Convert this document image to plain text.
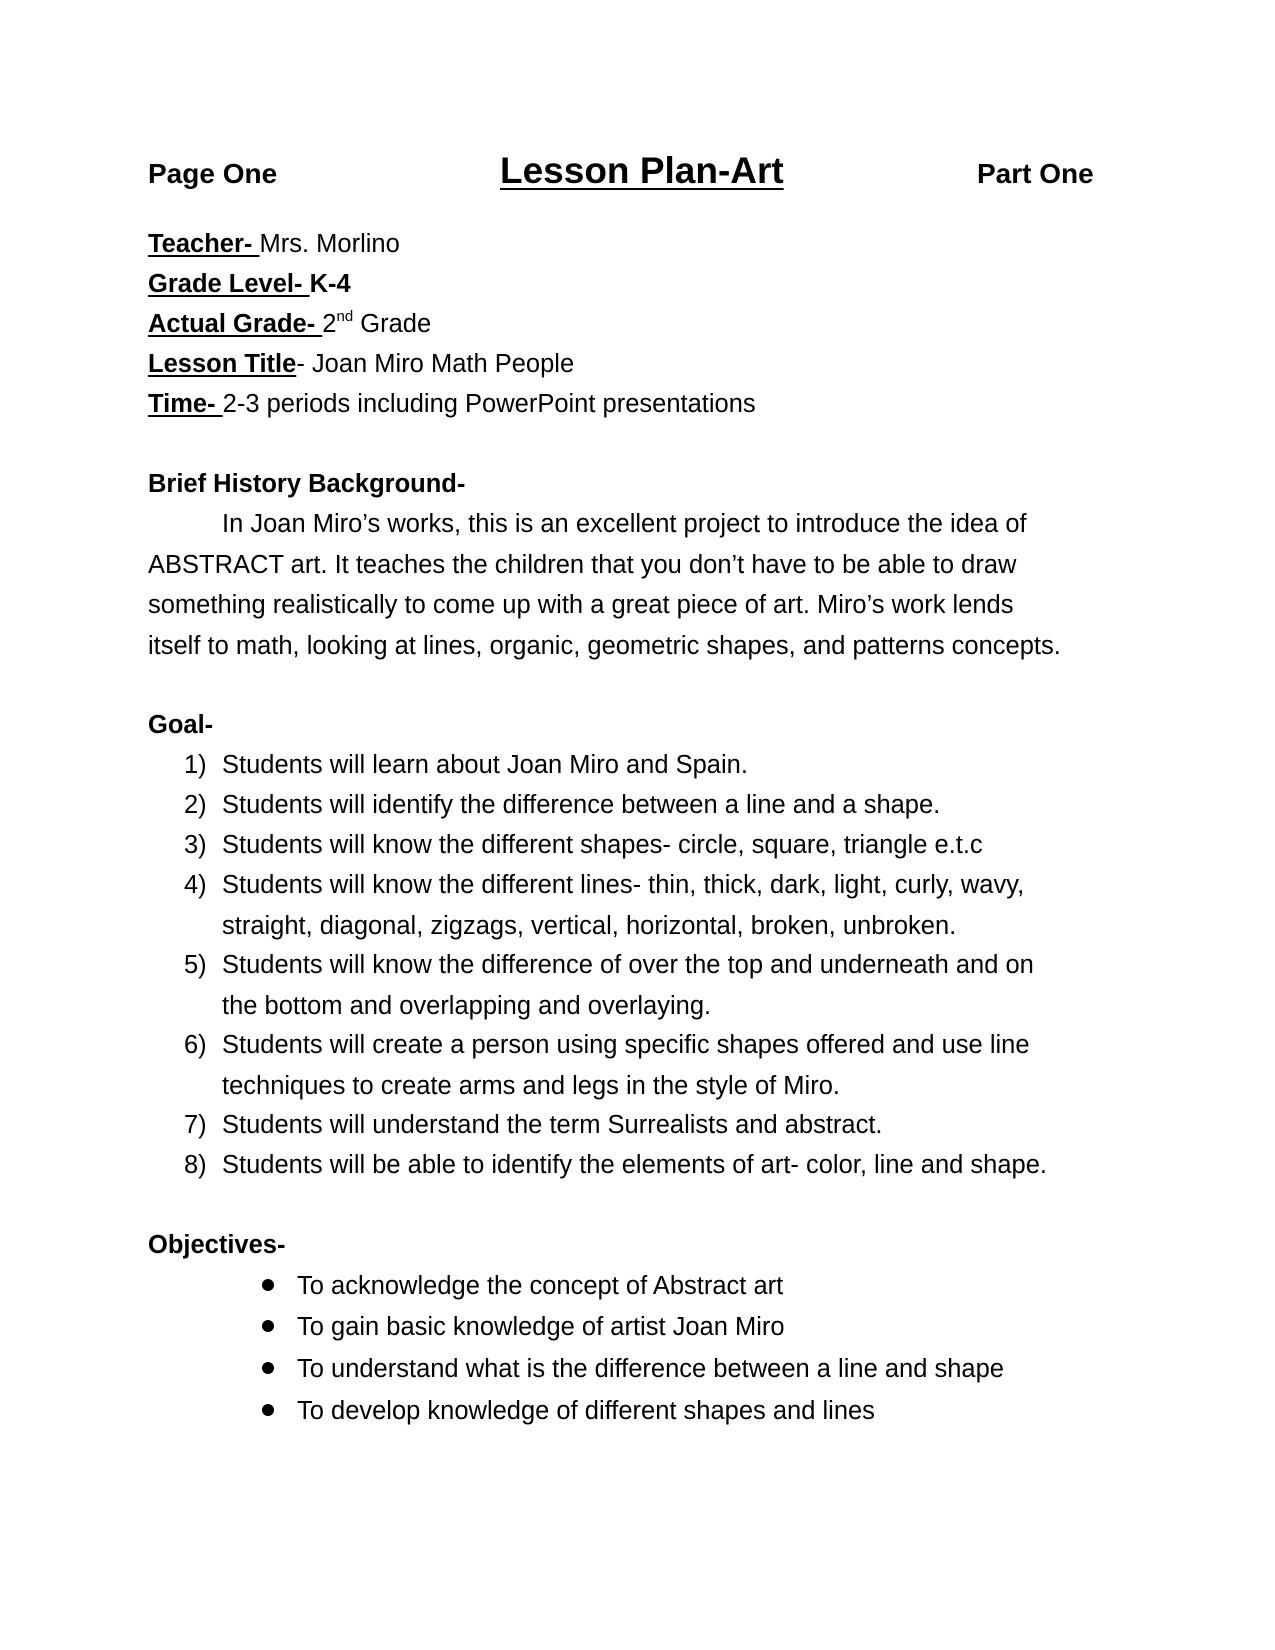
Page One	Lesson Plan-Art	Part One
Teacher- Mrs. Morlino
Grade Level- K-4
Actual Grade- 2nd Grade
Lesson Title- Joan Miro Math People
Time- 2-3 periods including PowerPoint presentations
Brief History Background-
In Joan Miro’s works, this is an excellent project to introduce the idea of
ABSTRACT art. It teaches the children that you don’t have to be able to draw
something realistically to come up with a great piece of art. Miro’s work lends
itself to math, looking at lines, organic, geometric shapes, and patterns concepts.
Goal-
1) Students will learn about Joan Miro and Spain.
2) Students will identify the difference between a line and a shape.
3) Students will know the different shapes- circle, square, triangle e.t.c
4) Students will know the different lines- thin, thick, dark, light, curly, wavy,
straight, diagonal, zigzags, vertical, horizontal, broken, unbroken.
5) Students will know the difference of over the top and underneath and on
the bottom and overlapping and overlaying.
6) Students will create a person using specific shapes offered and use line
techniques to create arms and legs in the style of Miro.
7) Students will understand the term Surrealists and abstract.
8) Students will be able to identify the elements of art- color, line and shape.
Objectives-
To acknowledge the concept of Abstract art
To gain basic knowledge of artist Joan Miro
To understand what is the difference between a line and shape
To develop knowledge of different shapes and lines
